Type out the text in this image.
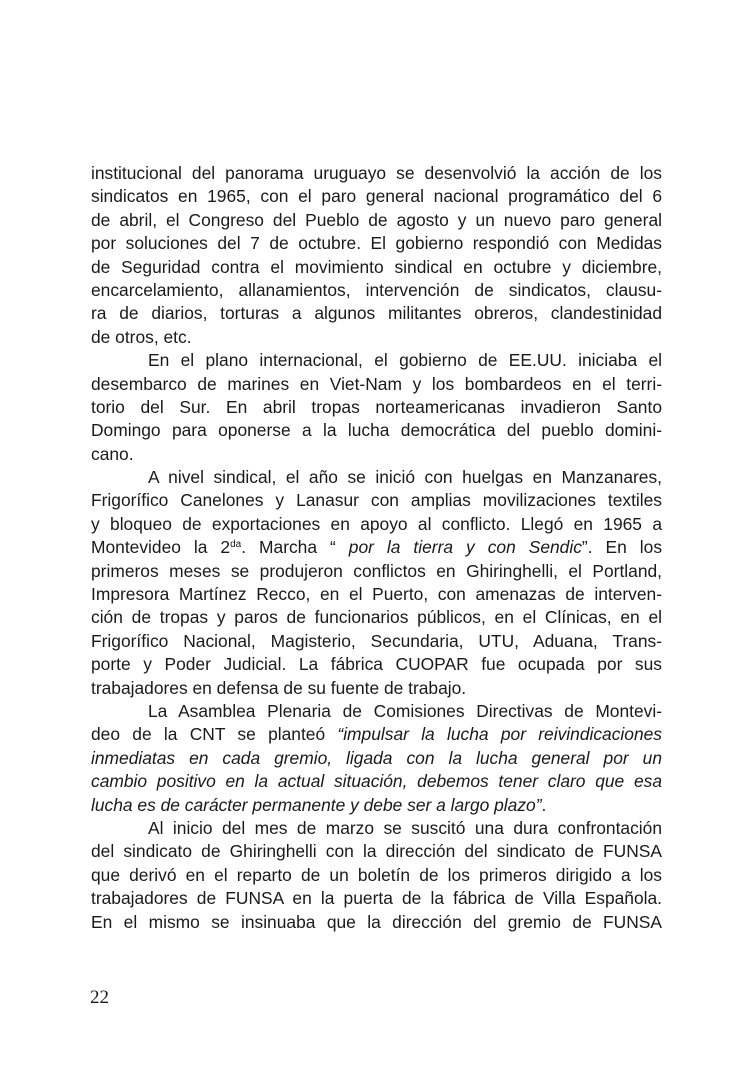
institucional del panorama uruguayo se desenvolvió la acción de los
sindicatos en 1965, con el paro general nacional programático del 6
de abril, el Congreso del Pueblo de agosto y un nuevo paro general
por soluciones del 7 de octubre. El gobierno respondió con Medidas
de Seguridad contra el movimiento sindical en octubre y diciembre,
encarcelamiento, allanamientos, intervención de sindicatos, clausu-
ra de diarios, torturas a algunos militantes obreros, clandestinidad
de otros, etc.
En el plano internacional, el gobierno de EE.UU. iniciaba el
desembarco de marines en Viet-Nam y los bombardeos en el terri-
torio del Sur. En abril tropas norteamericanas invadieron Santo
Domingo para oponerse a la lucha democrática del pueblo domini-
cano.
A nivel sindical, el año se inició con huelgas en Manzanares,
Frigorífico Canelones y Lanasur con amplias movilizaciones textiles
y bloqueo de exportaciones en apoyo al conflicto. Llegó en 1965 a
Montevideo la $2^{da}$. Marcha “ por la tierra y con Sendic”. En los
primeros meses se produjeron conflictos en Ghiringhelli, el Portland,
Impresora Martínez Recco, en el Puerto, con amenazas de interven-
ción de tropas y paros de funcionarios públicos, en el Clínicas, en el
Frigorífico Nacional, Magisterio, Secundaria, UTU, Aduana, Trans-
porte y Poder Judicial. La fábrica CUOPAR fue ocupada por sus
trabajadores en defensa de su fuente de trabajo.
La Asamblea Plenaria de Comisiones Directivas de Montevi-
deo de la CNT se planteó “impulsar la lucha por reivindicaciones
inmediatas en cada gremio, ligada con la lucha general por un
cambio positivo en la actual situación, debemos tener claro que esa
lucha es de carácter permanente y debe ser a largo plazo”.
Al inicio del mes de marzo se suscitó una dura confrontación
del sindicato de Ghiringhelli con la dirección del sindicato de FUNSA
que derivó en el reparto de un boletín de los primeros dirigido a los
trabajadores de FUNSA en la puerta de la fábrica de Villa Española.
En el mismo se insinuaba que la dirección del gremio de FUNSA
22
